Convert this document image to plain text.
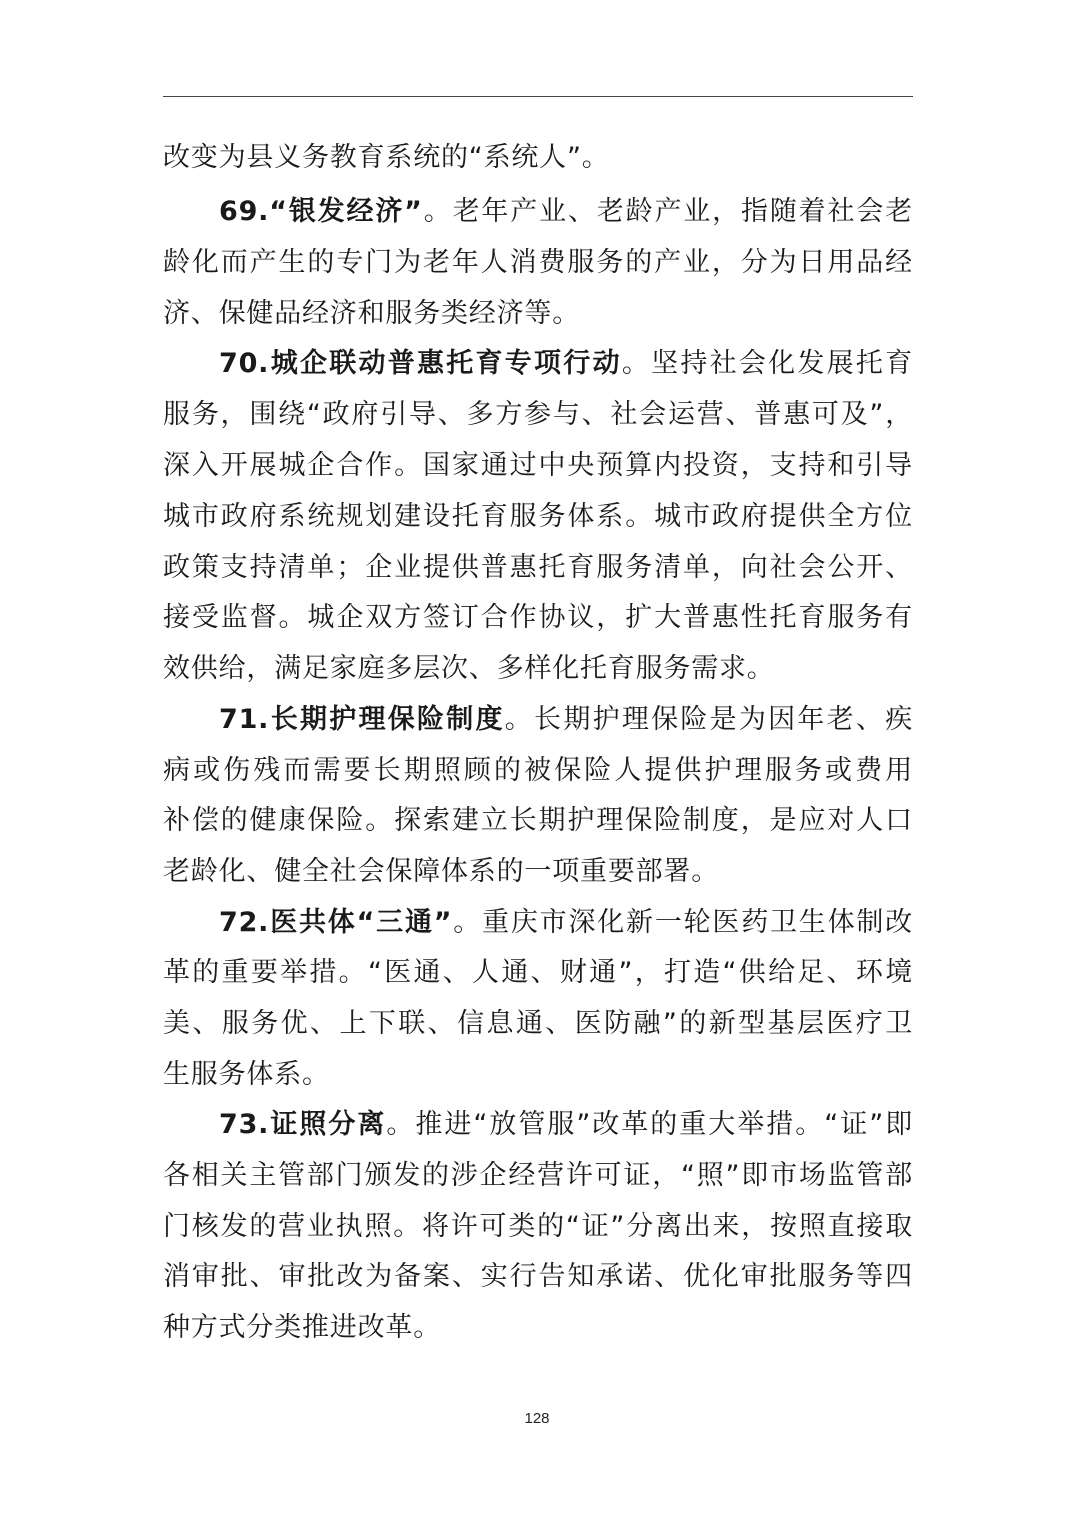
改变为县义务教育系统的“系统人”。
69.“银发经济”。老年产业、老龄产业，指随着社会老
龄化而产生的专门为老年人消费服务的产业，分为日用品经
济、保健品经济和服务类经济等。
70.城企联动普惠托育专项行动。坚持社会化发展托育
服务，围绕“政府引导、多方参与、社会运营、普惠可及”，
深入开展城企合作。国家通过中央预算内投资，支持和引导
城市政府系统规划建设托育服务体系。城市政府提供全方位
政策支持清单；企业提供普惠托育服务清单，向社会公开、
接受监督。城企双方签订合作协议，扩大普惠性托育服务有
效供给，满足家庭多层次、多样化托育服务需求。
71.长期护理保险制度。长期护理保险是为因年老、疾
病或伤残而需要长期照顾的被保险人提供护理服务或费用
补偿的健康保险。探索建立长期护理保险制度，是应对人口
老龄化、健全社会保障体系的一项重要部署。
72.医共体“三通”。重庆市深化新一轮医药卫生体制改
革的重要举措。“医通、人通、财通”，打造“供给足、环境
美、服务优、上下联、信息通、医防融”的新型基层医疗卫
生服务体系。
73.证照分离。推进“放管服”改革的重大举措。“证”即
各相关主管部门颁发的涉企经营许可证，“照”即市场监管部
门核发的营业执照。将许可类的“证”分离出来，按照直接取
消审批、审批改为备案、实行告知承诺、优化审批服务等四
种方式分类推进改革。
128
